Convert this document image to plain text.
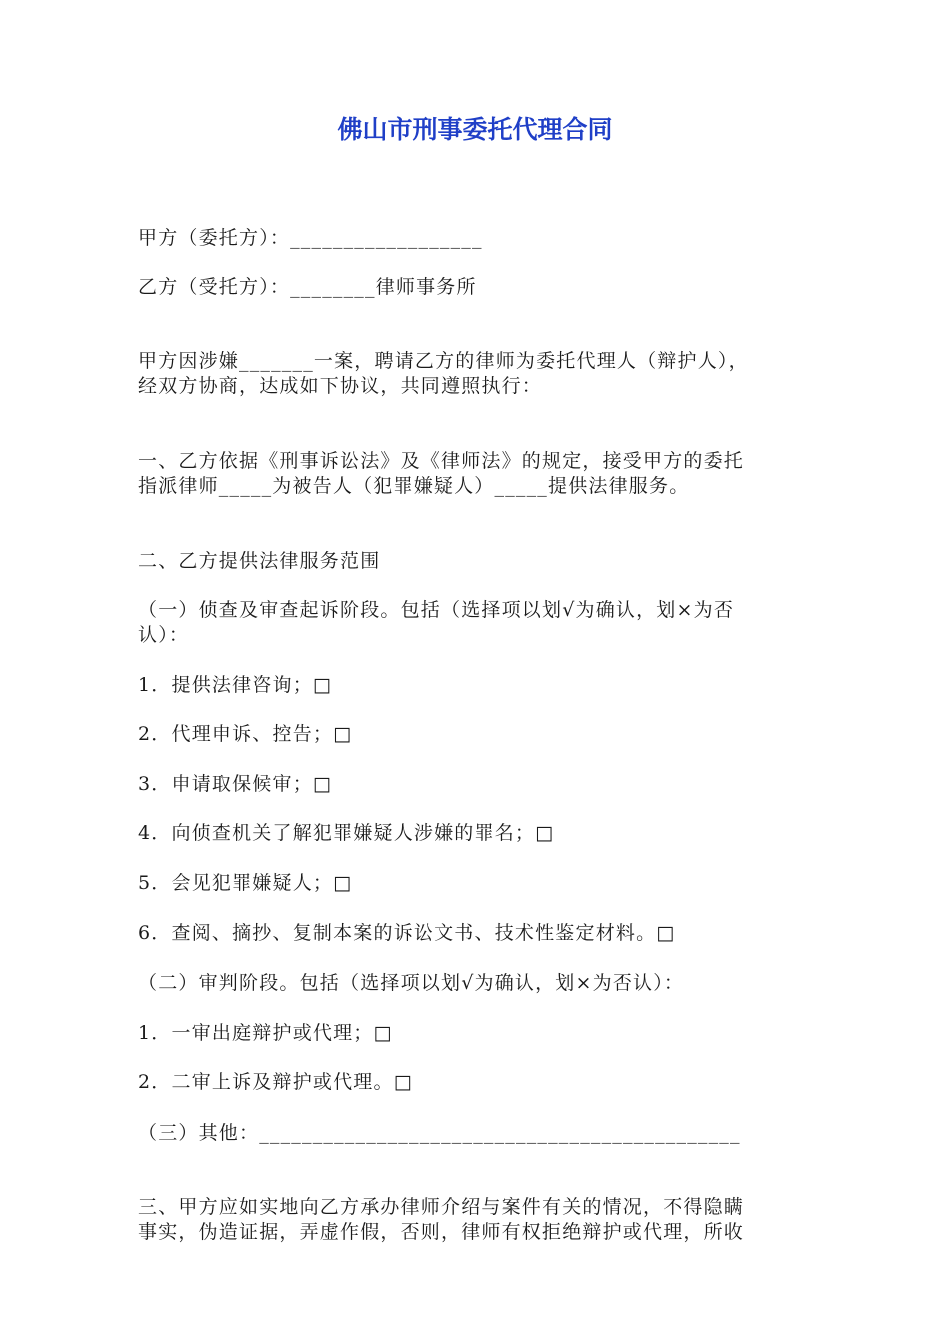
佛山市刑事委托代理合同
甲方（委托方）：__________________
乙方（受托方）：________律师事务所
甲方因涉嫌_______一案，聘请乙方的律师为委托代理人（辩护人），
经双方协商，达成如下协议，共同遵照执行：
一、乙方依据《刑事诉讼法》及《律师法》的规定，接受甲方的委托
指派律师_____为被告人（犯罪嫌疑人）_____提供法律服务。
二、乙方提供法律服务范围
（一）侦查及审查起诉阶段。包括（选择项以划√为确认，划×为否
认）：
1．提供法律咨询；□
2．代理申诉、控告；□
3．申请取保候审；□
4．向侦查机关了解犯罪嫌疑人涉嫌的罪名；□
5．会见犯罪嫌疑人；□
6．查阅、摘抄、复制本案的诉讼文书、技术性鉴定材料。□
（二）审判阶段。包括（选择项以划√为确认，划×为否认）：
1．一审出庭辩护或代理；□
2．二审上诉及辩护或代理。□
（三）其他：_____________________________________________
三、甲方应如实地向乙方承办律师介绍与案件有关的情况，不得隐瞒
事实，伪造证据，弄虚作假，否则，律师有权拒绝辩护或代理，所收
